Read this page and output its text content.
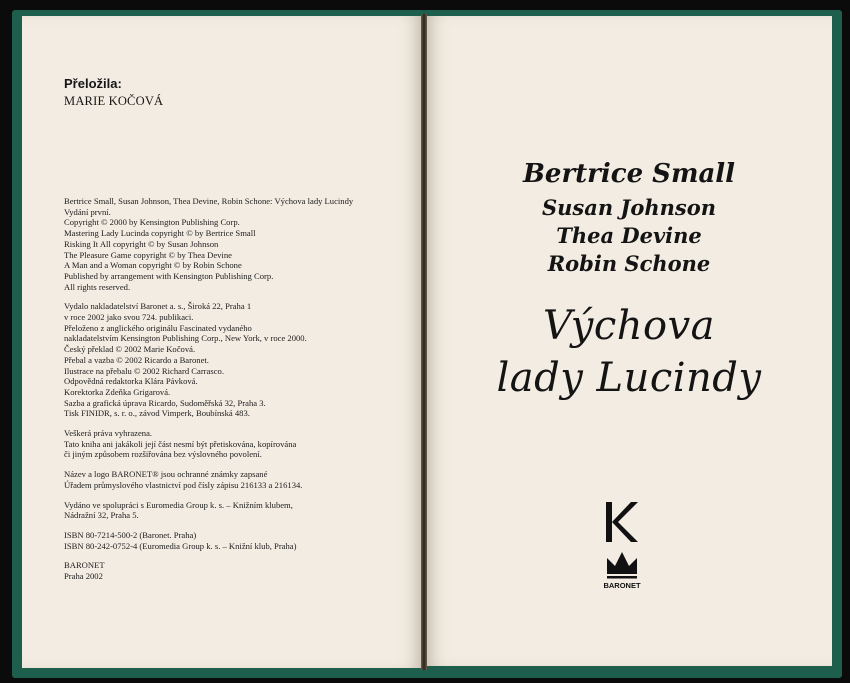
Přeložila:
MARIE KOČOVÁ
Bertrice Small, Susan Johnson, Thea Devine, Robin Schone: Výchova lady Lucindy
Vydání první.
Copyright © 2000 by Kensington Publishing Corp.
Mastering Lady Lucinda copyright © by Bertrice Small
Risking It All copyright © by Susan Johnson
The Pleasure Game copyright © by Thea Devine
A Man and a Woman copyright © by Robin Schone
Published by arrangement with Kensington Publishing Corp.
All rights reserved.
Vydalo nakladatelství Baronet a. s., Široká 22, Praha 1
v roce 2002 jako svou 724. publikaci.
Přeloženo z anglického originálu Fascinated vydaného
nakladatelstvím Kensington Publishing Corp., New York, v roce 2000.
Český překlad © 2002 Marie Kočová.
Přebal a vazba © 2002 Ricardo a Baronet.
Ilustrace na přebalu © 2002 Richard Carrasco.
Odpovědná redaktorka Klára Pávková.
Korektorka Zdeňka Grigarová.
Sazba a grafická úprava Ricardo, Sudoměřská 32, Praha 3.
Tisk FINIDR, s. r. o., závod Vimperk, Boubínská 483.
Veškerá práva vyhrazena.
Tato kniha ani jakákoli její část nesmí být přetiskována, kopírována
či jiným způsobem rozšiřována bez výslovného povolení.
Název a logo BARONET® jsou ochranné známky zapsané
Úřadem průmyslového vlastnictví pod čísly zápisu 216133 a 216134.
Vydáno ve spolupráci s Euromedia Group k. s. – Knižním klubem,
Nádražní 32, Praha 5.
ISBN 80-7214-500-2 (Baronet. Praha)
ISBN 80-242-0752-4 (Euromedia Group k. s. – Knižní klub, Praha)
BARONET
Praha 2002
Bertrice Small
Susan Johnson
Thea Devine
Robin Schone
Výchova
lady Lucindy
BARONET
